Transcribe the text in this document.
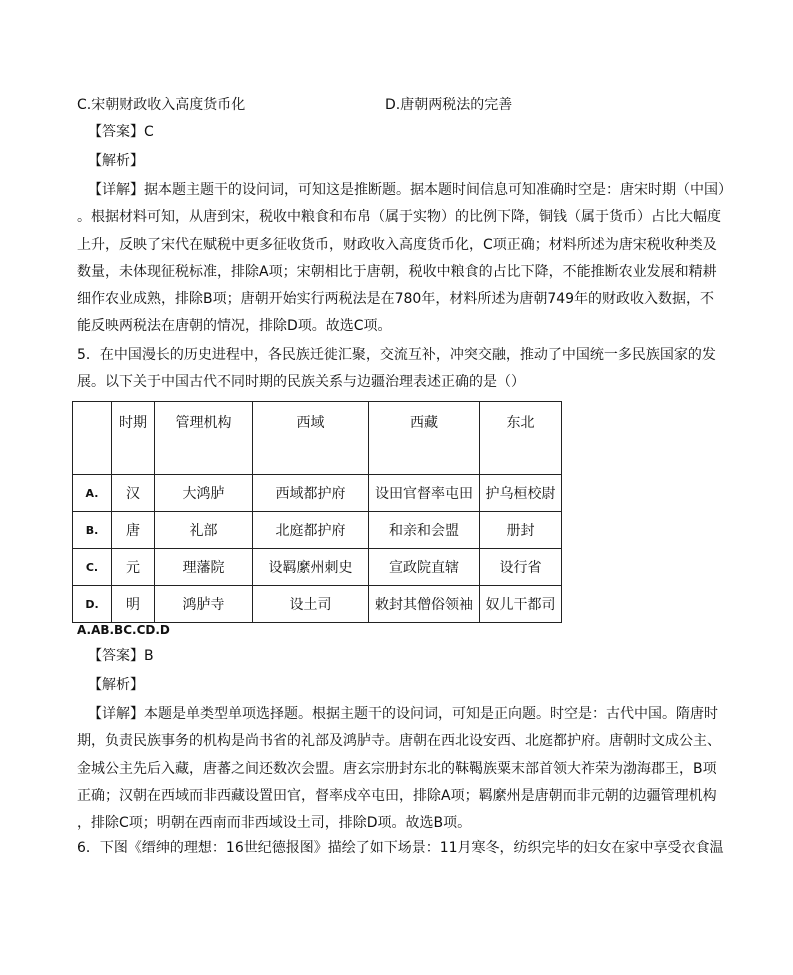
C.宋朝财政收入高度货币化	D.唐朝两税法的完善
【答案】C
【解析】

【详解】据本题主题干的设问词，可知这是推断题。据本题时间信息可知准确时空是：唐宋时期（中国）

。根据材料可知，从唐到宋，税收中粮食和布帛（属于实物）的比例下降，铜钱（属于货币）占比大幅度

上升，反映了宋代在赋税中更多征收货币，财政收入高度货币化，C项正确；材料所述为唐宋税收种类及

数量，未体现征税标准，排除A项；宋朝相比于唐朝，税收中粮食的占比下降，不能推断农业发展和精耕

细作农业成熟，排除B项；唐朝开始实行两税法是在780年，材料所述为唐朝749年的财政收入数据，不

能反映两税法在唐朝的情况，排除D项。故选C项。

5．在中国漫长的历史进程中，各民族迁徙汇聚，交流互补，冲突交融，推动了中国统一多民族国家的发

展。以下关于中国古代不同时期的民族关系与边疆治理表述正确的是（）

	时期	管理机构	西域	西藏	东北
A.	汉	大鸿胪	西域都护府	设田官督率屯田	护乌桓校尉
B.	唐	礼部	北庭都护府	和亲和会盟	册封
C.	元	理藩院	设羁縻州刺史	宣政院直辖	设行省
D.	明	鸿胪寺	设土司	敕封其僧俗领袖	奴儿干都司
A.AB.BC.CD.D
【答案】B
【解析】

【详解】本题是单类型单项选择题。根据主题干的设问词，可知是正向题。时空是：古代中国。隋唐时

期，负责民族事务的机构是尚书省的礼部及鸿胪寺。唐朝在西北设安西、北庭都护府。唐朝时文成公主、

金城公主先后入藏，唐蕃之间还数次会盟。唐玄宗册封东北的靺鞨族粟末部首领大祚荣为渤海郡王，B项

正确；汉朝在西域而非西藏设置田官，督率戍卒屯田，排除A项；羁縻州是唐朝而非元朝的边疆管理机构

，排除C项；明朝在西南而非西域设土司，排除D项。故选B项。

6．下图《缙绅的理想：16世纪德报图》描绘了如下场景：11月寒冬，纺织完毕的妇女在家中享受衣食温
